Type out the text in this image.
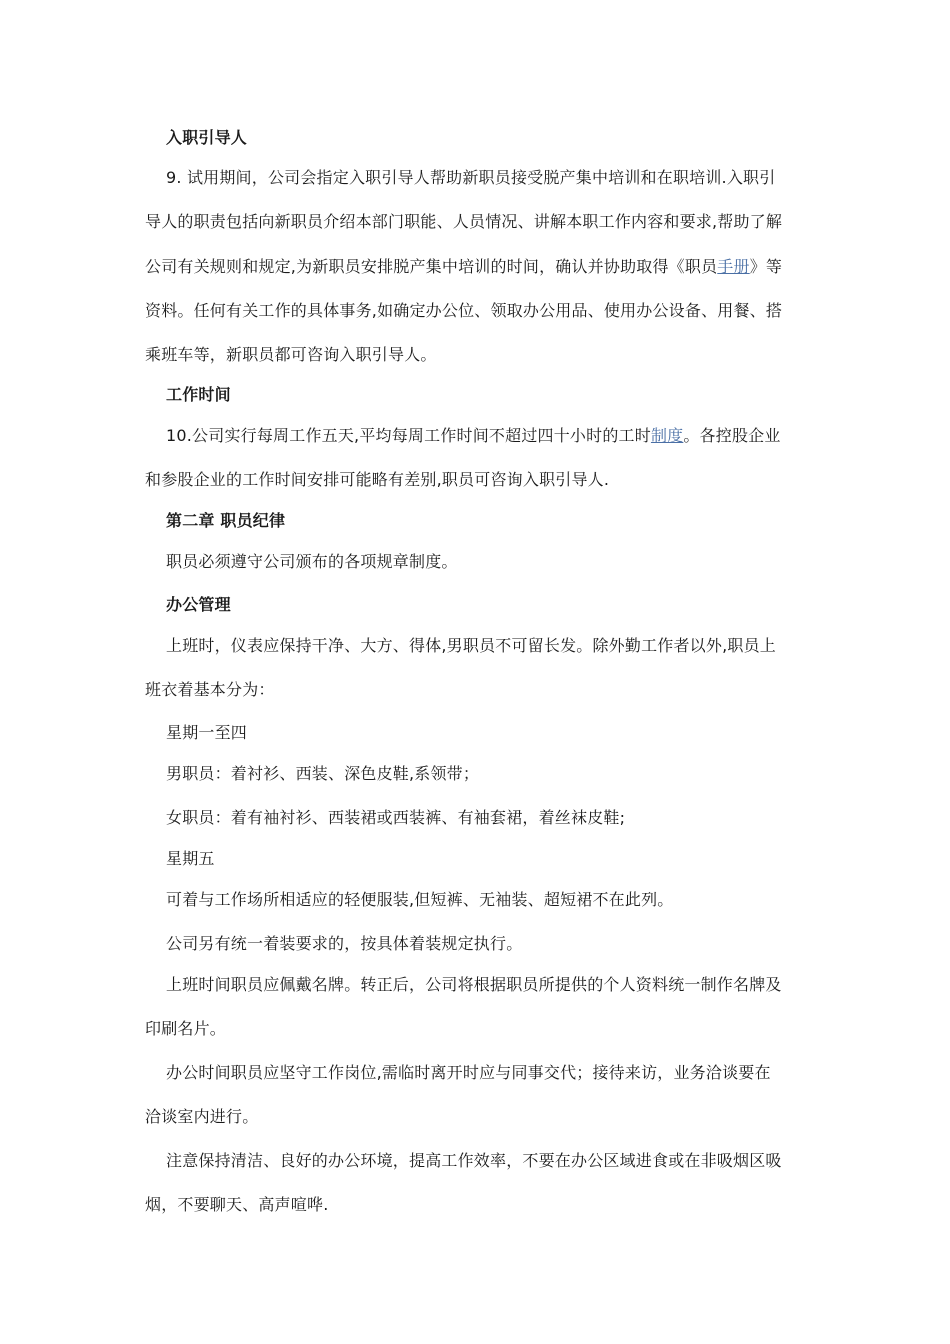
入职引导人
9. 试用期间，公司会指定入职引导人帮助新职员接受脱产集中培训和在职培训.入职引
导人的职责包括向新职员介绍本部门职能、人员情况、讲解本职工作内容和要求,帮助了解
公司有关规则和规定,为新职员安排脱产集中培训的时间，确认并协助取得《职员手册》等
资料。任何有关工作的具体事务,如确定办公位、领取办公用品、使用办公设备、用餐、搭
乘班车等，新职员都可咨询入职引导人。
工作时间
10.公司实行每周工作五天,平均每周工作时间不超过四十小时的工时制度。各控股企业
和参股企业的工作时间安排可能略有差别,职员可咨询入职引导人.
第二章 职员纪律
职员必须遵守公司颁布的各项规章制度。
办公管理
上班时，仪表应保持干净、大方、得体,男职员不可留长发。除外勤工作者以外,职员上
班衣着基本分为：
星期一至四
男职员：着衬衫、西装、深色皮鞋,系领带；
女职员：着有袖衬衫、西装裙或西装裤、有袖套裙，着丝袜皮鞋;
星期五
可着与工作场所相适应的轻便服装,但短裤、无袖装、超短裙不在此列。
公司另有统一着装要求的，按具体着装规定执行。
上班时间职员应佩戴名牌。转正后，公司将根据职员所提供的个人资料统一制作名牌及
印刷名片。
办公时间职员应坚守工作岗位,需临时离开时应与同事交代；接待来访，业务洽谈要在
洽谈室内进行。
注意保持清洁、良好的办公环境，提高工作效率，不要在办公区域进食或在非吸烟区吸
烟，不要聊天、高声喧哗.
